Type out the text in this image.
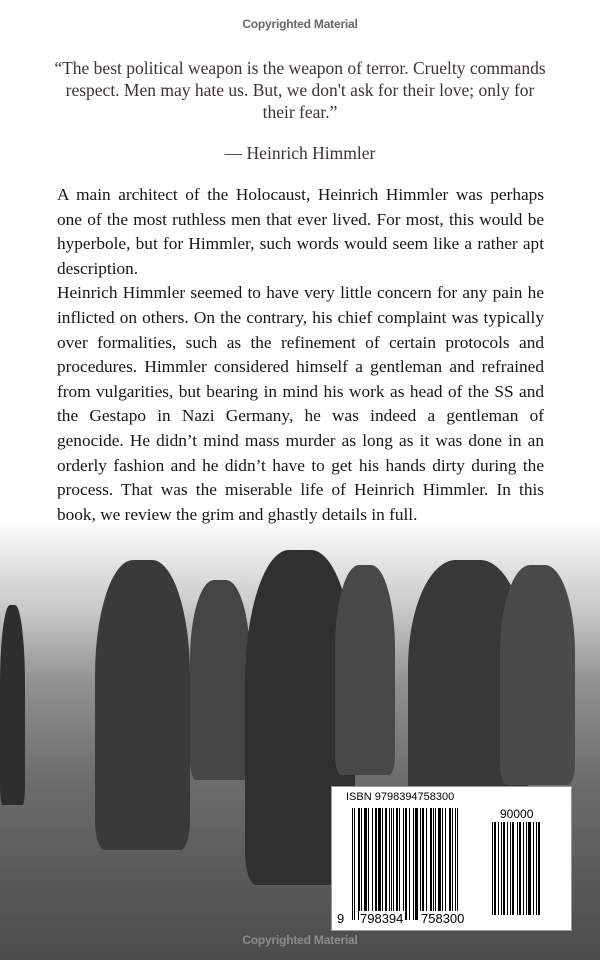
Copyrighted Material
“The best political weapon is the weapon of terror. Cruelty commands respect. Men may hate us. But, we don't ask for their love; only for their fear.”
— Heinrich Himmler

A main architect of the Holocaust, Heinrich Himmler was perhaps one of the most ruthless men that ever lived. For most, this would be hyperbole, but for Himmler, such words would seem like a rather apt description.

Heinrich Himmler seemed to have very little concern for any pain he inflicted on others. On the contrary, his chief complaint was typically over formalities, such as the refinement of certain protocols and procedures. Himmler considered himself a gentleman and refrained from vulgarities, but bearing in mind his work as head of the SS and the Gestapo in Nazi Germany, he was indeed a gentleman of genocide. He didn’t mind mass murder as long as it was done in an orderly fashion and he didn’t have to get his hands dirty during the process. That was the miserable life of Heinrich Himmler. In this book, we review the grim and ghastly details in full.

Copyrighted Material
ISBN 9798394758300
90000
9 798394 758300
